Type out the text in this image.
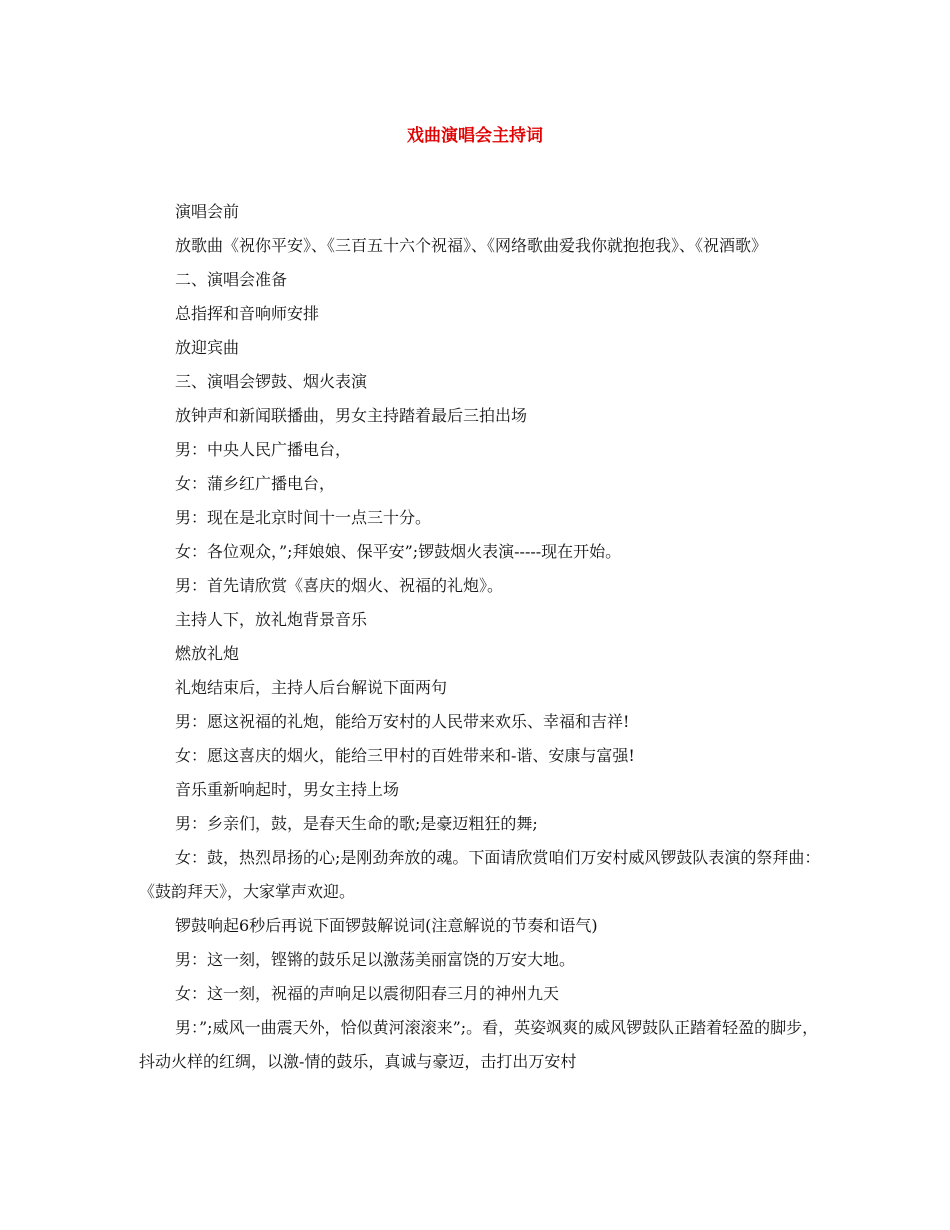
戏曲演唱会主持词

演唱会前

放歌曲《祝你平安》、《三百五十六个祝福》、《网络歌曲爱我你就抱抱我》、《祝酒歌》

二、演唱会准备

总指挥和音响师安排

放迎宾曲

三、演唱会锣鼓、烟火表演

放钟声和新闻联播曲，男女主持踏着最后三拍出场

男：中央人民广播电台，

女：蒲乡红广播电台，

男：现在是北京时间十一点三十分。

女：各位观众，”;拜娘娘、保平安”;锣鼓烟火表演-----现在开始。

男：首先请欣赏《喜庆的烟火、祝福的礼炮》。

主持人下，放礼炮背景音乐

燃放礼炮

礼炮结束后，主持人后台解说下面两句

男：愿这祝福的礼炮，能给万安村的人民带来欢乐、幸福和吉祥!

女：愿这喜庆的烟火，能给三甲村的百姓带来和-谐、安康与富强!

音乐重新响起时，男女主持上场

男：乡亲们，鼓，是春天生命的歌;是豪迈粗狂的舞;

女：鼓，热烈昂扬的心;是刚劲奔放的魂。下面请欣赏咱们万安村威风锣鼓队表演的祭拜曲：《鼓韵拜天》，大家掌声欢迎。

锣鼓响起6秒后再说下面锣鼓解说词(注意解说的节奏和语气)

男：这一刻，铿锵的鼓乐足以激荡美丽富饶的万安大地。

女：这一刻，祝福的声响足以震彻阳春三月的神州九天

男：”;威风一曲震天外，恰似黄河滚滚来”;。看，英姿飒爽的威风锣鼓队正踏着轻盈的脚步，抖动火样的红绸，以激-情的鼓乐，真诚与豪迈，击打出万安村
